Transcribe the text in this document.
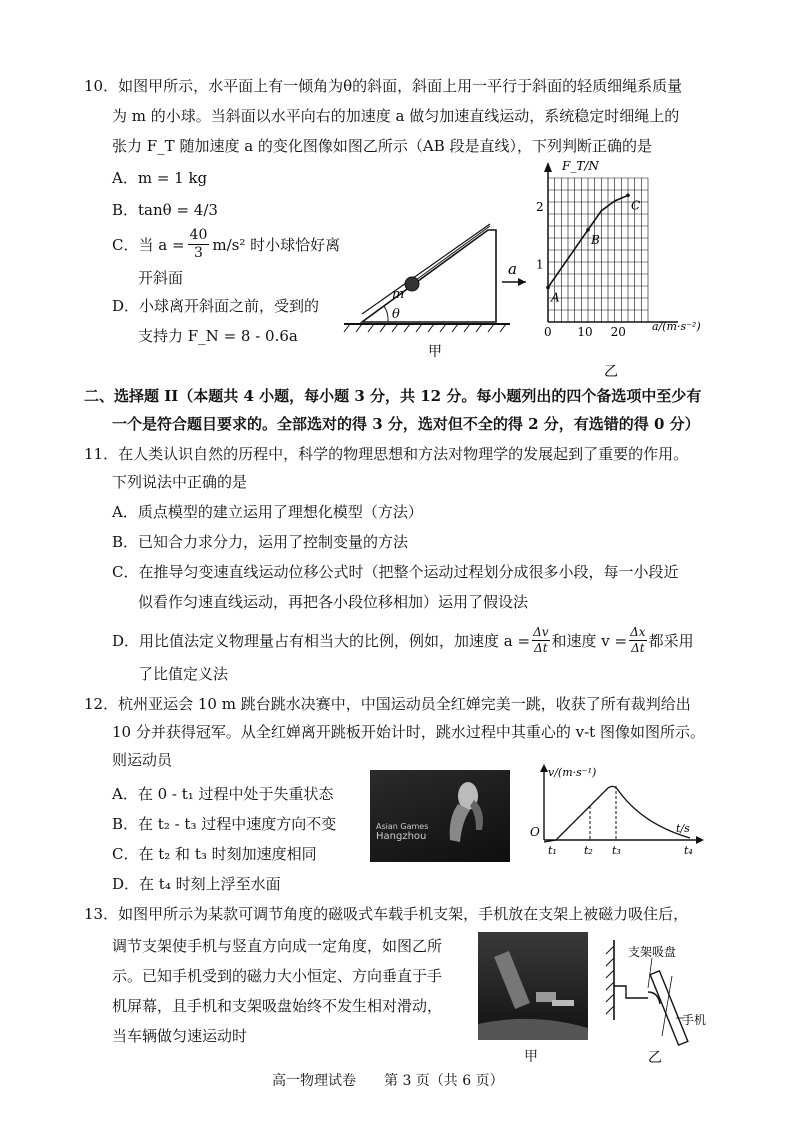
10．如图甲所示，水平面上有一倾角为θ的斜面，斜面上用一平行于斜面的轻质细绳系质量
为 m 的小球。当斜面以水平向右的加速度 a 做匀加速直线运动，系统稳定时细绳上的
张力 F_T 随加速度 a 的变化图像如图乙所示（AB 段是直线），下列判断正确的是
A．m = 1 kg
B．tanθ = 4/3
C．当 $a = \frac{40}{3} m/s^2$ 时小球恰好离
开斜面
D．小球离开斜面之前，受到的
支持力 F_N = 8 - 0.6a
m
θ
a
甲
F_T/N
a/(m·s⁻²)
0 10 20
1
2
A
B
C
乙
二、选择题 II（本题共 4 小题，每小题 3 分，共 12 分。每小题列出的四个备选项中至少有
一个是符合题目要求的。全部选对的得 3 分，选对但不全的得 2 分，有选错的得 0 分）
11．在人类认识自然的历程中，科学的物理思想和方法对物理学的发展起到了重要的作用。
下列说法中正确的是
A．质点模型的建立运用了理想化模型（方法）
B．已知合力求分力，运用了控制变量的方法
C．在推导匀变速直线运动位移公式时（把整个运动过程划分成很多小段，每一小段近
似看作匀速直线运动，再把各小段位移相加）运用了假设法
D．用比值法定义物理量占有相当大的比例，例如，加速度 $a = \frac{\Delta v}{\Delta t}$ 和速度 $v = \frac{\Delta x}{\Delta t}$ 都采用
了比值定义法
12．杭州亚运会 10 m 跳台跳水决赛中，中国运动员全红婵完美一跳，收获了所有裁判给出
10 分并获得冠军。从全红婵离开跳板开始计时，跳水过程中其重心的 v-t 图像如图所示。
则运动员
A．在 0 - t₁ 过程中处于失重状态
B．在 t₂ - t₃ 过程中速度方向不变
C．在 t₂ 和 t₃ 时刻加速度相同
D．在 t₄ 时刻上浮至水面
Asian Games
Hangzhou
v/(m·s⁻¹)
t/s
O
t₁ t₂ t₃	t₄
13．如图甲所示为某款可调节角度的磁吸式车载手机支架，手机放在支架上被磁力吸住后，
调节支架使手机与竖直方向成一定角度，如图乙所
示。已知手机受到的磁力大小恒定、方向垂直于手
机屏幕，且手机和支架吸盘始终不发生相对滑动，
当车辆做匀速运动时
甲
支架吸盘
手机
乙
高一物理试卷　　第 3 页（共 6 页）
